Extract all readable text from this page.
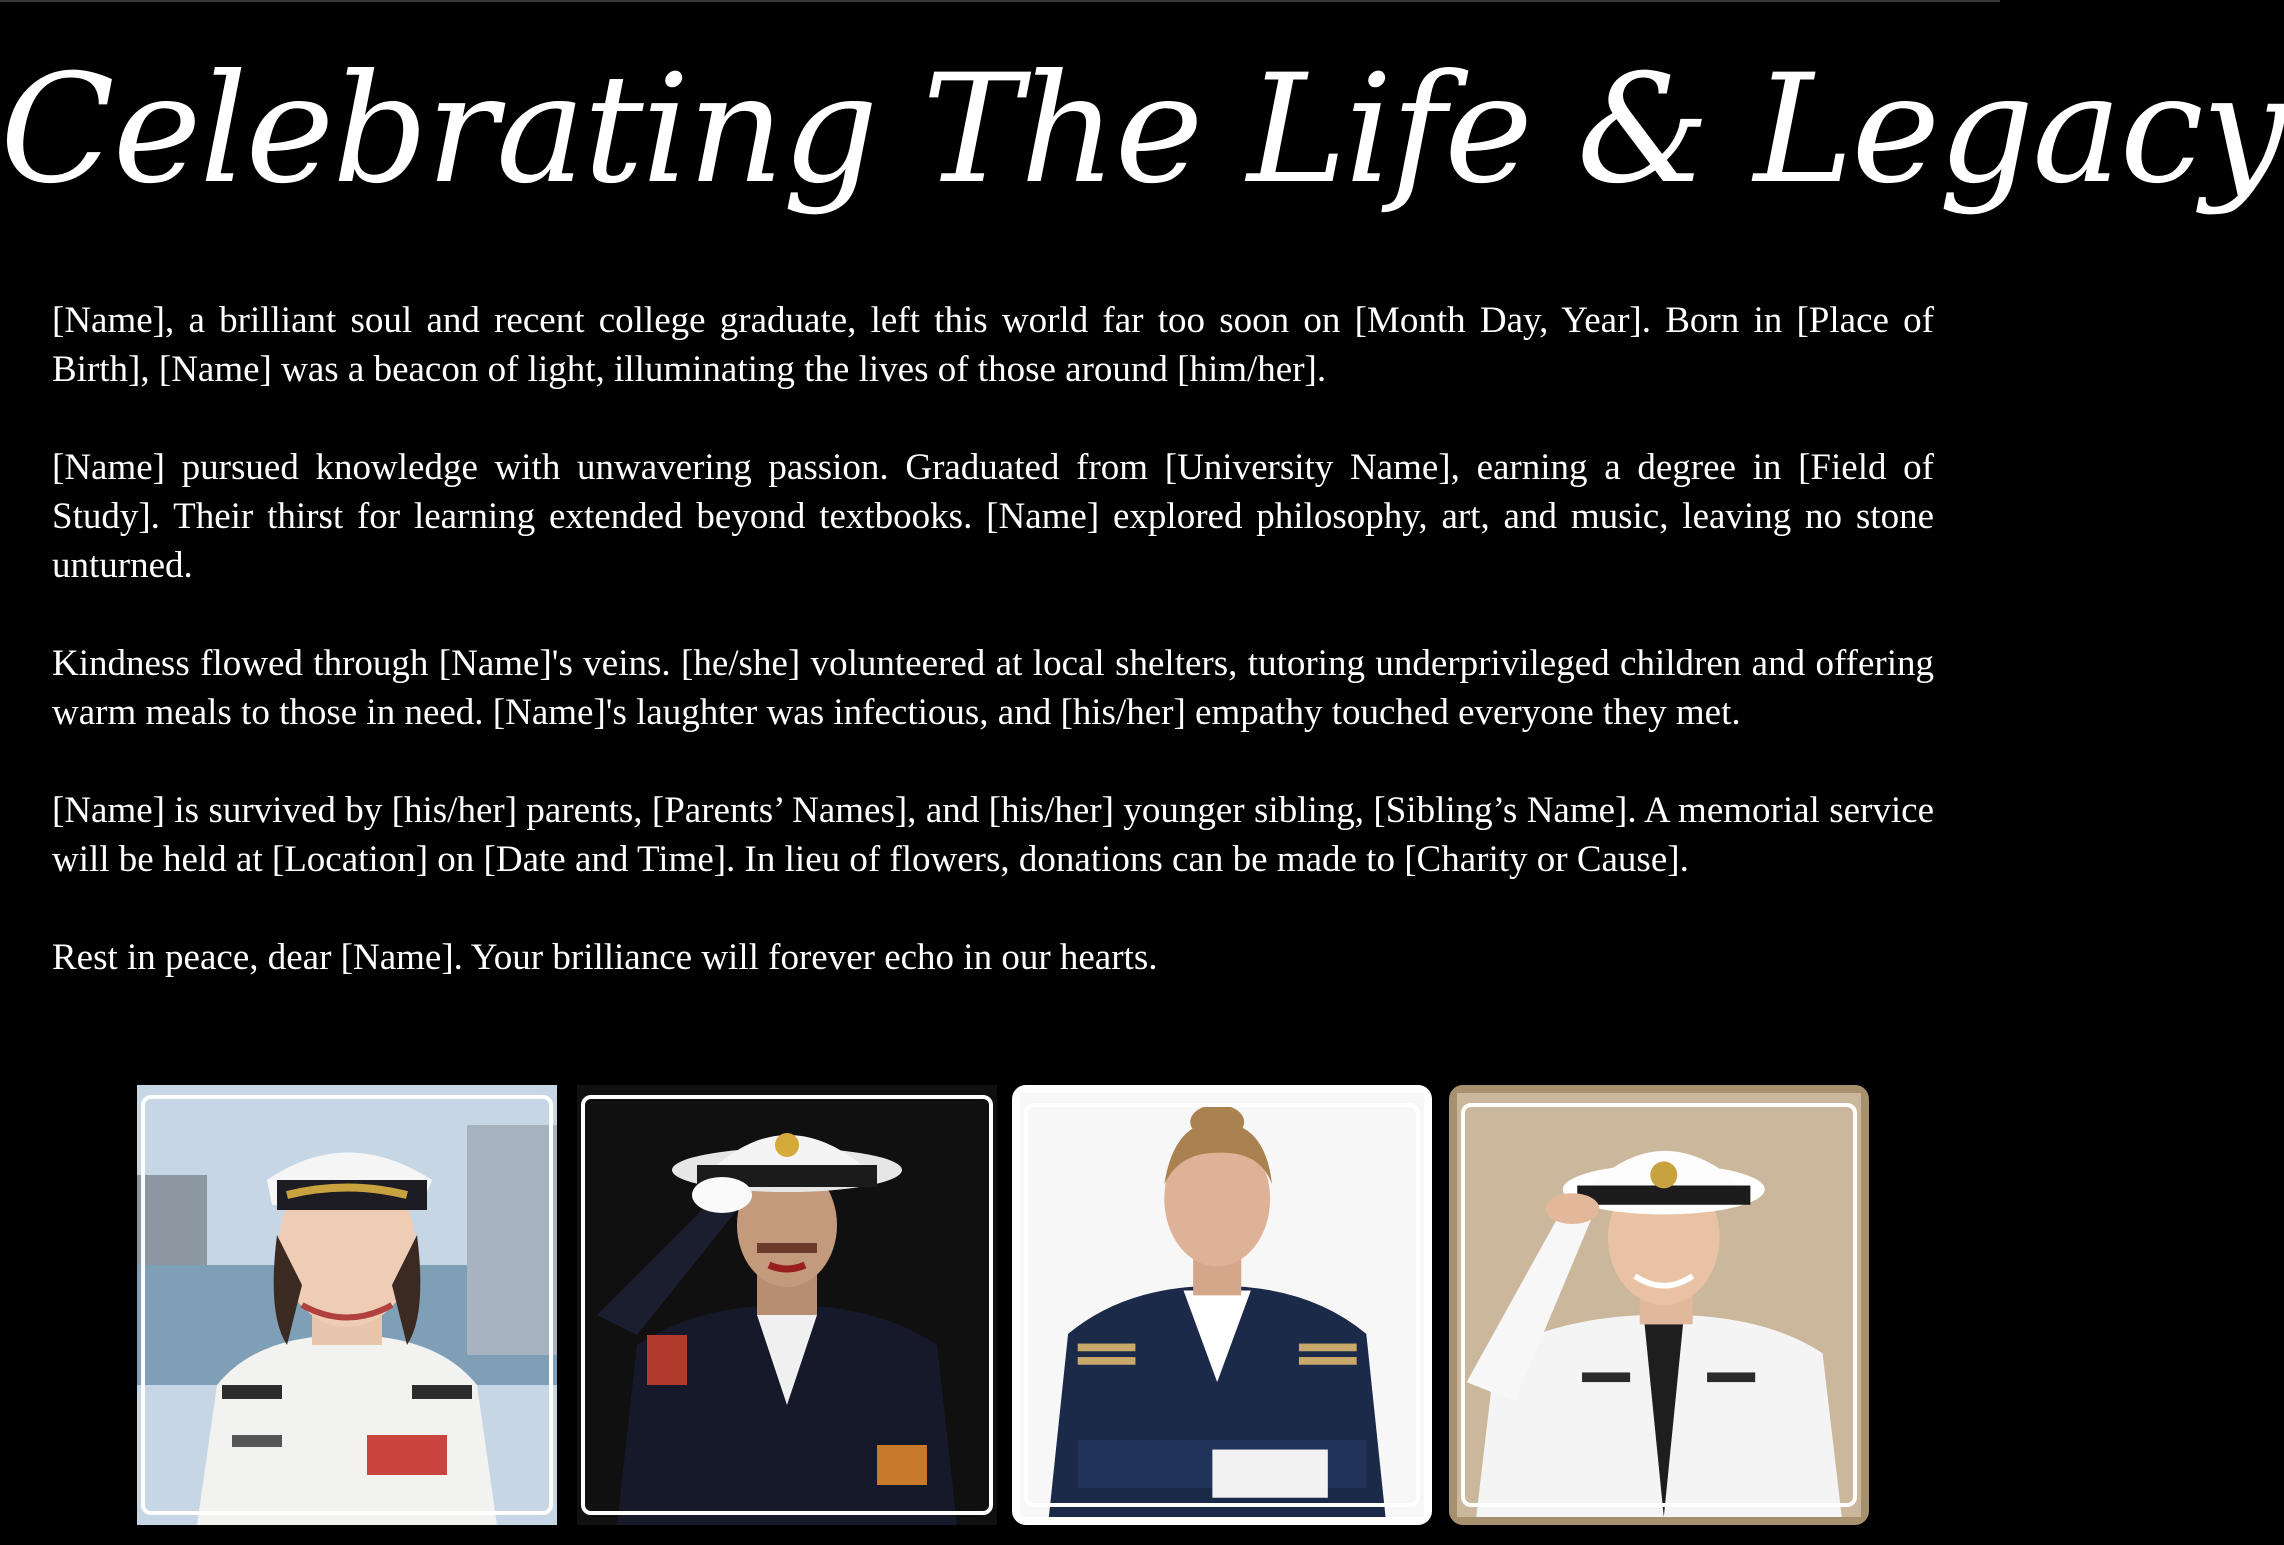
Celebrating The Life & Legacy

[Name], a brilliant soul and recent college graduate, left this world far too soon on [Month Day, Year]. Born in [Place of Birth], [Name] was a beacon of light, illuminating the lives of those around [him/her].

[Name] pursued knowledge with unwavering passion. Graduated from [University Name], earning a degree in [Field of Study]. Their thirst for learning extended beyond textbooks. [Name] explored philosophy, art, and music, leaving no stone unturned.

Kindness flowed through [Name]'s veins. [he/she] volunteered at local shelters, tutoring underprivileged children and offering warm meals to those in need. [Name]'s laughter was infectious, and [his/her] empathy touched everyone they met.

[Name] is survived by [his/her] parents, [Parents’ Names], and [his/her] younger sibling, [Sibling’s Name]. A memorial service will be held at [Location] on [Date and Time]. In lieu of flowers, donations can be made to [Charity or Cause].

Rest in peace, dear [Name]. Your brilliance will forever echo in our hearts.
